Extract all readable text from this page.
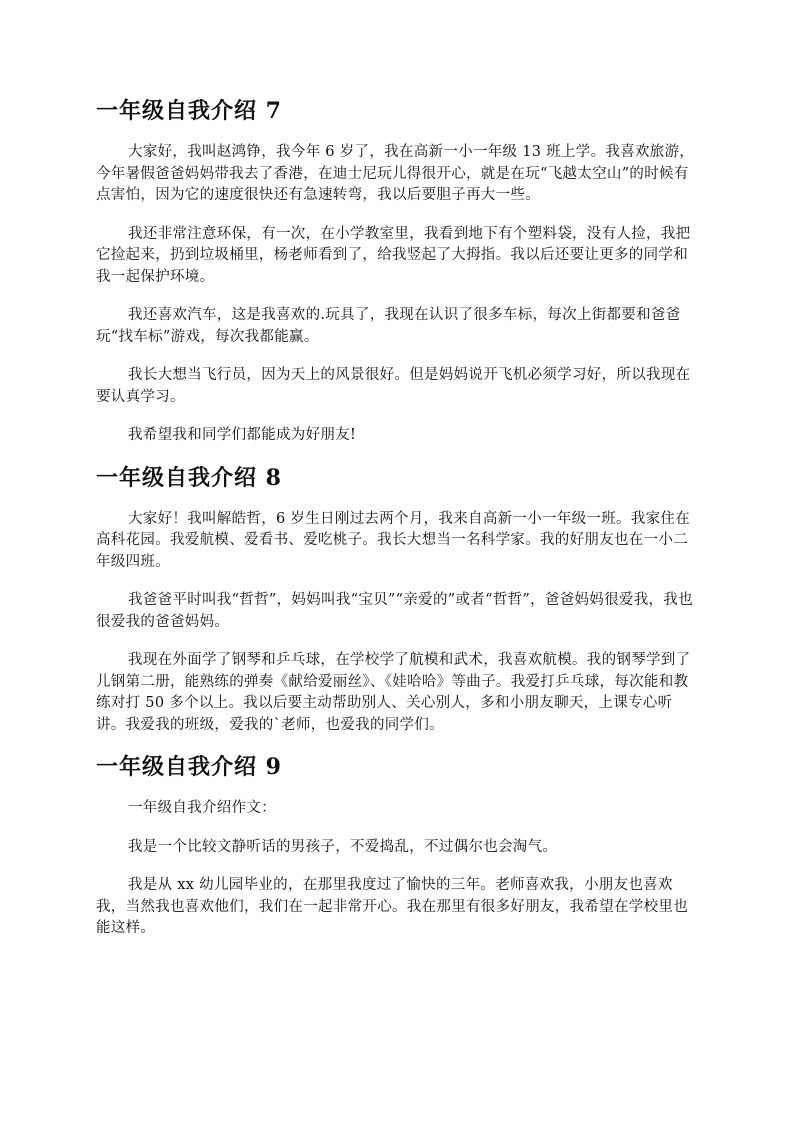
一年级自我介绍 7

大家好，我叫赵鸿铮，我今年 6 岁了，我在高新一小一年级 13 班上学。我喜欢旅游，今年暑假爸爸妈妈带我去了香港，在迪士尼玩儿得很开心，就是在玩“飞越太空山”的时候有点害怕，因为它的速度很快还有急速转弯，我以后要胆子再大一些。

我还非常注意环保，有一次，在小学教室里，我看到地下有个塑料袋，没有人捡，我把它捡起来，扔到垃圾桶里，杨老师看到了，给我竖起了大拇指。我以后还要让更多的同学和我一起保护环境。

我还喜欢汽车，这是我喜欢的.玩具了，我现在认识了很多车标，每次上街都要和爸爸玩“找车标”游戏，每次我都能赢。

我长大想当飞行员，因为天上的风景很好。但是妈妈说开飞机必须学习好，所以我现在要认真学习。

我希望我和同学们都能成为好朋友!

一年级自我介绍 8

大家好！我叫解皓哲，6 岁生日刚过去两个月，我来自高新一小一年级一班。我家住在高科花园。我爱航模、爱看书、爱吃桃子。我长大想当一名科学家。我的好朋友也在一小二年级四班。

我爸爸平时叫我“哲哲”，妈妈叫我“宝贝”“亲爱的”或者“哲哲”，爸爸妈妈很爱我，我也很爱我的爸爸妈妈。

我现在外面学了钢琴和乒乓球，在学校学了航模和武术，我喜欢航模。我的钢琴学到了儿钢第二册，能熟练的弹奏《献给爱丽丝》、《娃哈哈》等曲子。我爱打乒乓球，每次能和教练对打 50 多个以上。我以后要主动帮助别人、关心别人，多和小朋友聊天，上课专心听讲。我爱我的班级，爱我的`老师，也爱我的同学们。

一年级自我介绍 9

一年级自我介绍作文：

我是一个比较文静听话的男孩子，不爱捣乱，不过偶尔也会淘气。

我是从 xx 幼儿园毕业的，在那里我度过了愉快的三年。老师喜欢我，小朋友也喜欢我，当然我也喜欢他们，我们在一起非常开心。我在那里有很多好朋友，我希望在学校里也能这样。
